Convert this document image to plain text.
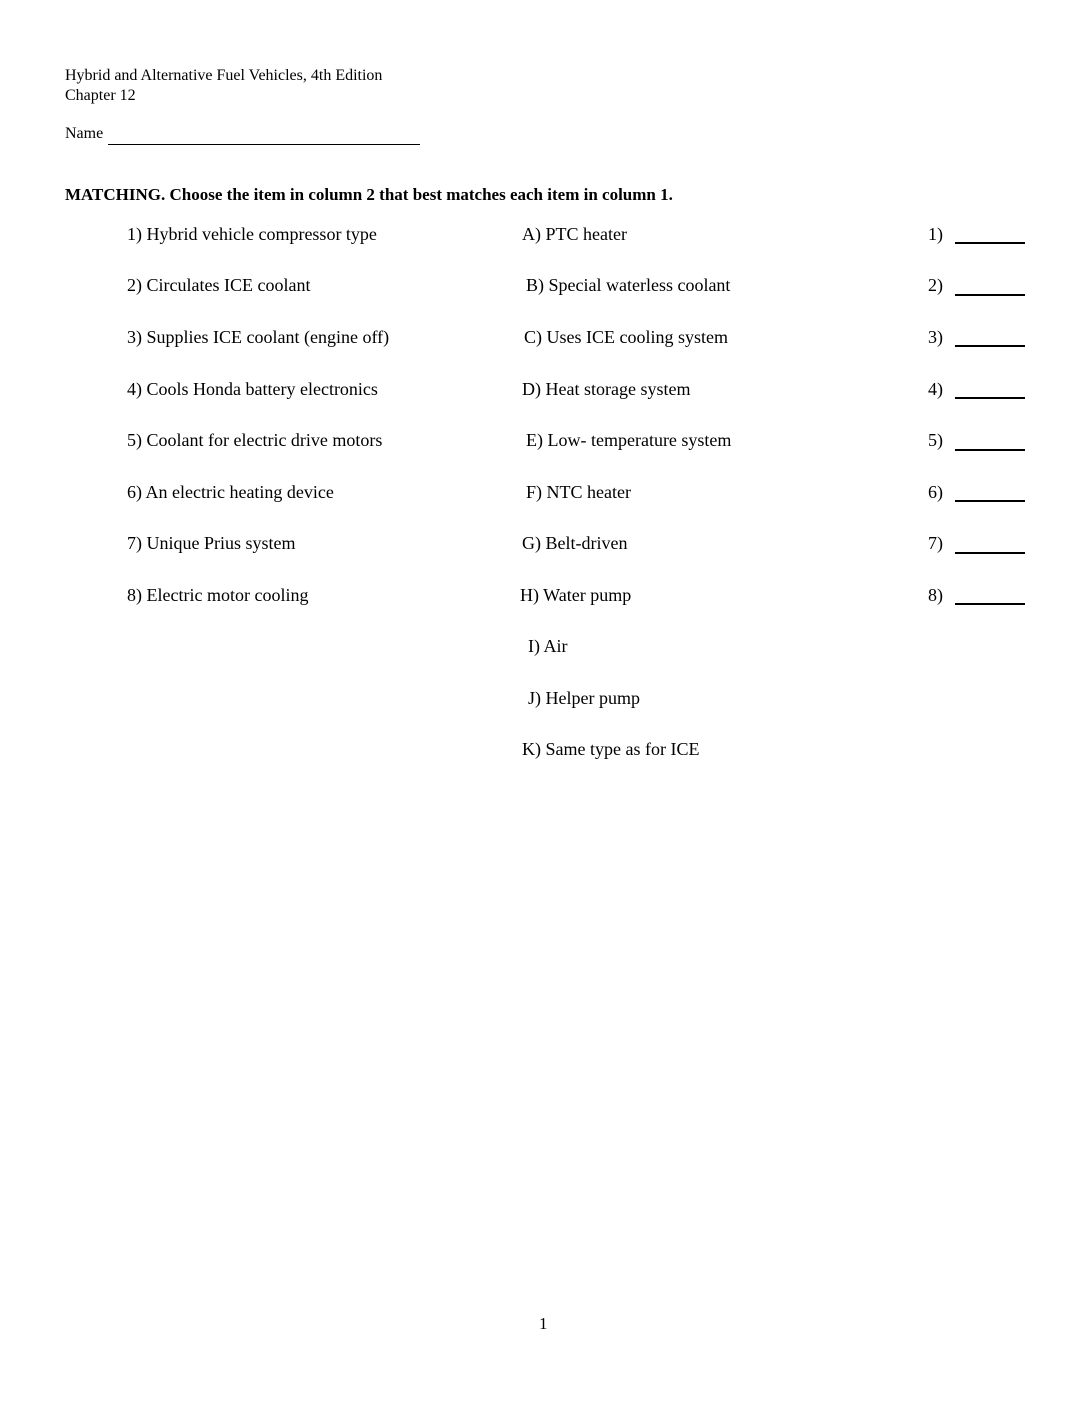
Hybrid and Alternative Fuel Vehicles, 4th Edition
Chapter 12
Name
MATCHING. Choose the item in column 2 that best matches each item in column 1.
1) Hybrid vehicle compressor type
2) Circulates ICE coolant
3) Supplies ICE coolant (engine off)
4) Cools Honda battery electronics
5) Coolant for electric drive motors
6) An electric heating device
7) Unique Prius system
8) Electric motor cooling
A) PTC heater
B) Special waterless coolant
C) Uses ICE cooling system
D) Heat storage system
E) Low- temperature system
F) NTC heater
G) Belt-driven
H) Water pump
I) Air
J) Helper pump
K) Same type as for ICE
1)
2)
3)
4)
5)
6)
7)
8)
1
